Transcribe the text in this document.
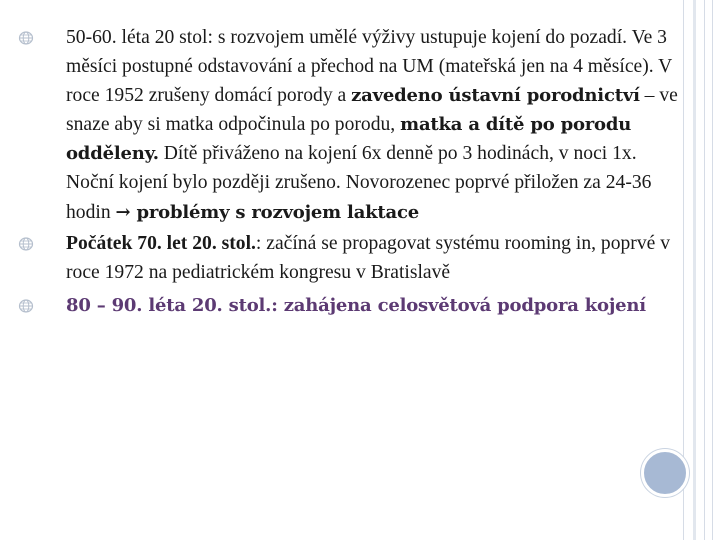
50-60. léta 20 stol: s rozvojem umělé výživy ustupuje kojení do pozadí. Ve 3 měsíci postupné odstavování a přechod na UM (mateřská jen na 4 měsíce). V roce 1952 zrušeny domácí porody a zavedeno ústavní porodnictví – ve snaze aby si matka odpočinula po porodu, matka a dítě po porodu odděleny. Dítě přiváženo na kojení 6x denně po 3 hodinách, v noci 1x. Noční kojení bylo později zrušeno. Novorozenec poprvé přiložen za 24-36 hodin → problémy s rozvojem laktace
Počátek 70. let 20. stol.: začíná se propagovat systému rooming in, poprvé v roce 1972 na pediatrickém kongresu v Bratislavě
80 – 90. léta 20. stol.: zahájena celosvětová podpora kojení
